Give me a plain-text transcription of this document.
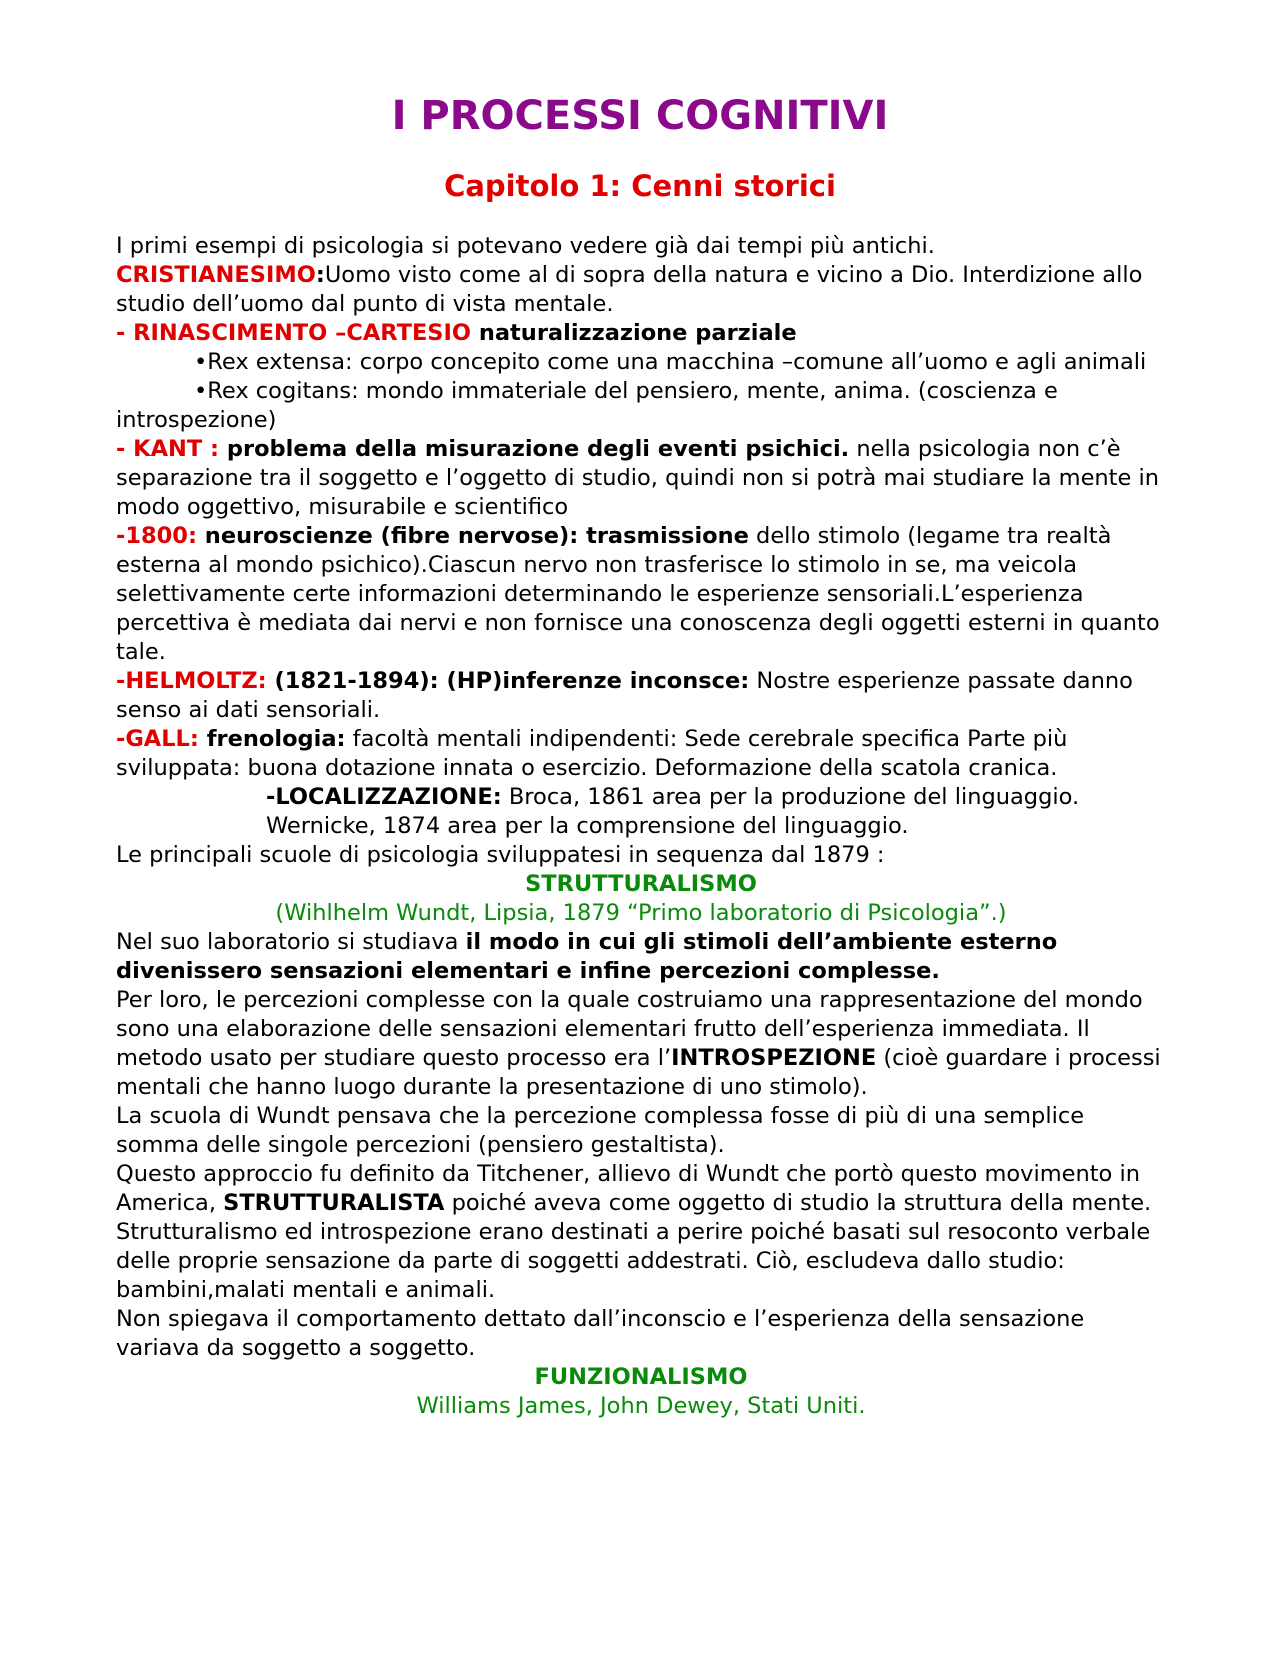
I PROCESSI COGNITIVI
Capitolo 1: Cenni storici

I primi esempi di psicologia si potevano vedere già dai tempi più antichi.

CRISTIANESIMO:Uomo visto come al di sopra della natura e vicino a Dio. Interdizione allo studio dell’uomo dal punto di vista mentale.

- RINASCIMENTO –CARTESIO naturalizzazione parziale

•Rex extensa: corpo concepito come una macchina –comune all’uomo e agli animali

•Rex cogitans: mondo immateriale del pensiero, mente, anima. (coscienza e introspezione)

- KANT : problema della misurazione degli eventi psichici. nella psicologia non c’è separazione tra il soggetto e l’oggetto di studio, quindi non si potrà mai studiare la mente in modo oggettivo, misurabile e scientifico

-1800: neuroscienze (fibre nervose): trasmissione dello stimolo (legame tra realtà esterna al mondo psichico).Ciascun nervo non trasferisce lo stimolo in se, ma veicola selettivamente certe informazioni determinando le esperienze sensoriali.L’esperienza percettiva è mediata dai nervi e non fornisce una conoscenza degli oggetti esterni in quanto tale.

-HELMOLTZ: (1821-1894): (HP)inferenze inconsce: Nostre esperienze passate danno senso ai dati sensoriali.

-GALL: frenologia: facoltà mentali indipendenti: Sede cerebrale specifica Parte più sviluppata: buona dotazione innata o esercizio. Deformazione della scatola cranica.

-LOCALIZZAZIONE: Broca, 1861 area per la produzione del linguaggio. Wernicke, 1874 area per la comprensione del linguaggio.

Le principali scuole di psicologia sviluppatesi in sequenza dal 1879 :

STRUTTURALISMO

(Wihlhelm Wundt, Lipsia, 1879 “Primo laboratorio di Psicologia”.)

Nel suo laboratorio si studiava il modo in cui gli stimoli dell’ambiente esterno divenissero sensazioni elementari e infine percezioni complesse.

Per loro, le percezioni complesse con la quale costruiamo una rappresentazione del mondo sono una elaborazione delle sensazioni elementari frutto dell’esperienza immediata. Il metodo usato per studiare questo processo era l’INTROSPEZIONE (cioè guardare i processi mentali che hanno luogo durante la presentazione di uno stimolo).

La scuola di Wundt pensava che la percezione complessa fosse di più di una semplice somma delle singole percezioni (pensiero gestaltista).

Questo approccio fu definito da Titchener, allievo di Wundt che portò questo movimento in America, STRUTTURALISTA poiché aveva come oggetto di studio la struttura della mente.

Strutturalismo ed introspezione erano destinati a perire poiché basati sul resoconto verbale delle proprie sensazione da parte di soggetti addestrati. Ciò, escludeva dallo studio: bambini,malati mentali e animali.

Non spiegava il comportamento dettato dall’inconscio e l’esperienza della sensazione variava da soggetto a soggetto.

FUNZIONALISMO

Williams James, John Dewey, Stati Uniti.
